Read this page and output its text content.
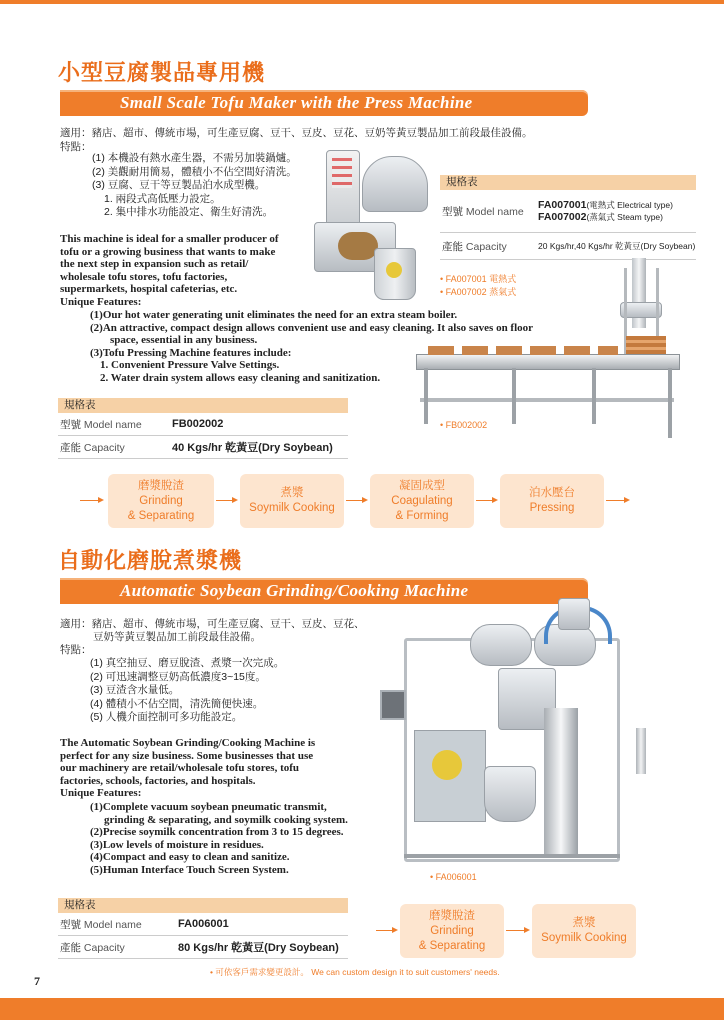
小型豆腐製品專用機
Small Scale Tofu Maker with the Press Machine
適用：豬店、超市、傳統市場，可生產豆腐、豆干、豆皮、豆花、豆奶等黃豆製品加工前段最佳設備。
特點：
(1) 本機設有熱水產生器，不需另加裝鍋爐。
(2) 美觀耐用簡易，體積小不佔空間好清洗。
(3) 豆腐、豆干等豆製品泊水成型機。
1. 兩段式高低壓力設定。
2. 集中排水功能設定、衛生好清洗。
This machine is ideal for a smaller producer of
tofu or a growing business that wants to make
the next step in expansion such as retail/
wholesale tofu stores, tofu factories,
supermarkets, hospital cafeterias, etc.
Unique Features:
(1)Our hot water generating unit eliminates the need for an extra steam boiler.
(2)An attractive, compact design allows convenient use and easy cleaning. It also saves on floor
space, essential in any business.
(3)Tofu Pressing Machine features include:
1. Convenient Pressure Valve Settings.
2. Water drain system allows easy cleaning and sanitization.
規格表
型號 Model name
FA007001(電熱式 Electrical type)
FA007002(蒸氣式 Steam type)
產能 Capacity	20 Kgs/hr,40 Kgs/hr 乾黃豆(Dry Soybean)
• FA007001 電熱式
• FA007002 蒸氣式
• FB002002
規格表
型號 Model name	FB002002
產能 Capacity	40 Kgs/hr 乾黃豆(Dry Soybean)
磨漿脫渣
Grinding
& Separating
煮漿
Soymilk Cooking
凝固成型
Coagulating
& Forming
泊水壓台
Pressing
自動化磨脫煮漿機
Automatic Soybean Grinding/Cooking Machine
適用：豬店、超市、傳統市場，可生產豆腐、豆干、豆皮、豆花、
豆奶等黃豆製品加工前段最佳設備。
特點：
(1) 真空抽豆、磨豆脫渣、煮漿一次完成。
(2) 可迅速調整豆奶高低濃度3~15度。
(3) 豆渣含水量低。
(4) 體積小不佔空間，清洗簡便快速。
(5) 人機介面控制可多功能設定。
The Automatic Soybean Grinding/Cooking Machine is
perfect for any size business. Some businesses that use
our machinery are retail/wholesale tofu stores, tofu
factories, schools, factories, and hospitals.
Unique Features:
(1)Complete vacuum soybean pneumatic transmit,
grinding & separating, and soymilk cooking system.
(2)Precise soymilk concentration from 3 to 15 degrees.
(3)Low levels of moisture in residues.
(4)Compact and easy to clean and sanitize.
(5)Human Interface Touch Screen System.
• FA006001
規格表
型號 Model name	FA006001
產能 Capacity	80 Kgs/hr 乾黃豆(Dry Soybean)
磨漿脫渣
Grinding
& Separating
煮漿
Soymilk Cooking
• 可依客戶需求變更設計。 We can custom design it to suit customers' needs.
7
